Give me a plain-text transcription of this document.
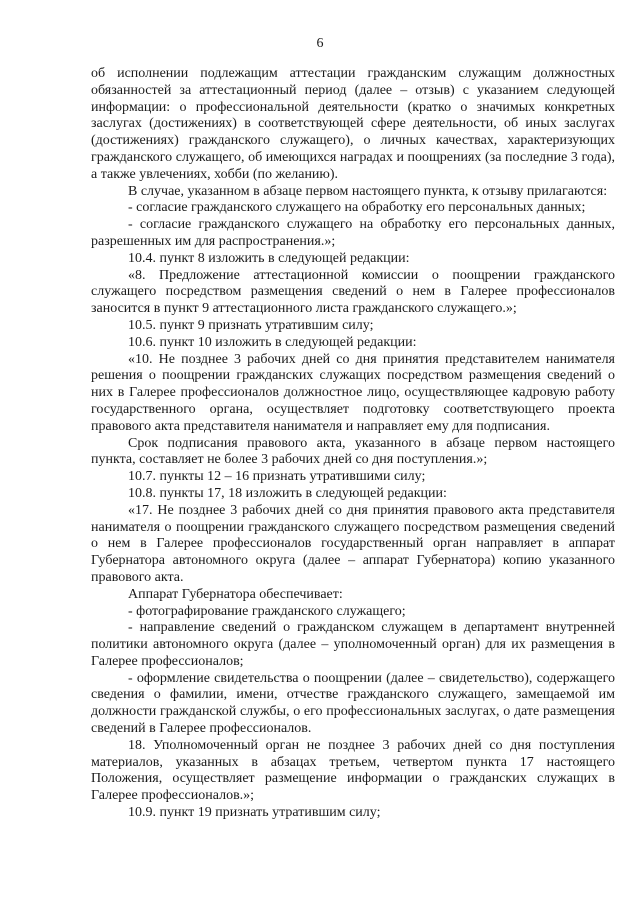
6

об исполнении подлежащим аттестации гражданским служащим должностных обязанностей за аттестационный период (далее – отзыв) с указанием следующей информации: о профессиональной деятельности (кратко о значимых конкретных заслугах (достижениях) в соответствующей сфере деятельности, об иных заслугах (достижениях) гражданского служащего), о личных качествах, характеризующих гражданского служащего, об имеющихся наградах и поощрениях (за последние 3 года), а также увлечениях, хобби (по желанию).

В случае, указанном в абзаце первом настоящего пункта, к отзыву прилагаются:

- согласие гражданского служащего на обработку его персональных данных;

- согласие гражданского служащего на обработку его персональных данных, разрешенных им для распространения.»;

10.4. пункт 8 изложить в следующей редакции:

«8. Предложение аттестационной комиссии о поощрении гражданского служащего посредством размещения сведений о нем в Галерее профессионалов заносится в пункт 9 аттестационного листа гражданского служащего.»;

10.5. пункт 9 признать утратившим силу;

10.6. пункт 10 изложить в следующей редакции:

«10. Не позднее 3 рабочих дней со дня принятия представителем нанимателя решения о поощрении гражданских служащих посредством размещения сведений о них в Галерее профессионалов должностное лицо, осуществляющее кадровую работу государственного органа, осуществляет подготовку соответствующего проекта правового акта представителя нанимателя и направляет ему для подписания.

Срок подписания правового акта, указанного в абзаце первом настоящего пункта, составляет не более 3 рабочих дней со дня поступления.»;

10.7. пункты 12 – 16 признать утратившими силу;

10.8. пункты 17, 18 изложить в следующей редакции:

«17. Не позднее 3 рабочих дней со дня принятия правового акта представителя нанимателя о поощрении гражданского служащего посредством размещения сведений о нем в Галерее профессионалов государственный орган направляет в аппарат Губернатора автономного округа (далее – аппарат Губернатора) копию указанного правового акта.

Аппарат Губернатора обеспечивает:

- фотографирование гражданского служащего;

- направление сведений о гражданском служащем в департамент внутренней политики автономного округа (далее – уполномоченный орган) для их размещения в Галерее профессионалов;

- оформление свидетельства о поощрении (далее – свидетельство), содержащего сведения о фамилии, имени, отчестве гражданского служащего, замещаемой им должности гражданской службы, о его профессиональных заслугах, о дате размещения сведений в Галерее профессионалов.

18. Уполномоченный орган не позднее 3 рабочих дней со дня поступления материалов, указанных в абзацах третьем, четвертом пункта 17 настоящего Положения, осуществляет размещение информации о гражданских служащих в Галерее профессионалов.»;

10.9. пункт 19 признать утратившим силу;
